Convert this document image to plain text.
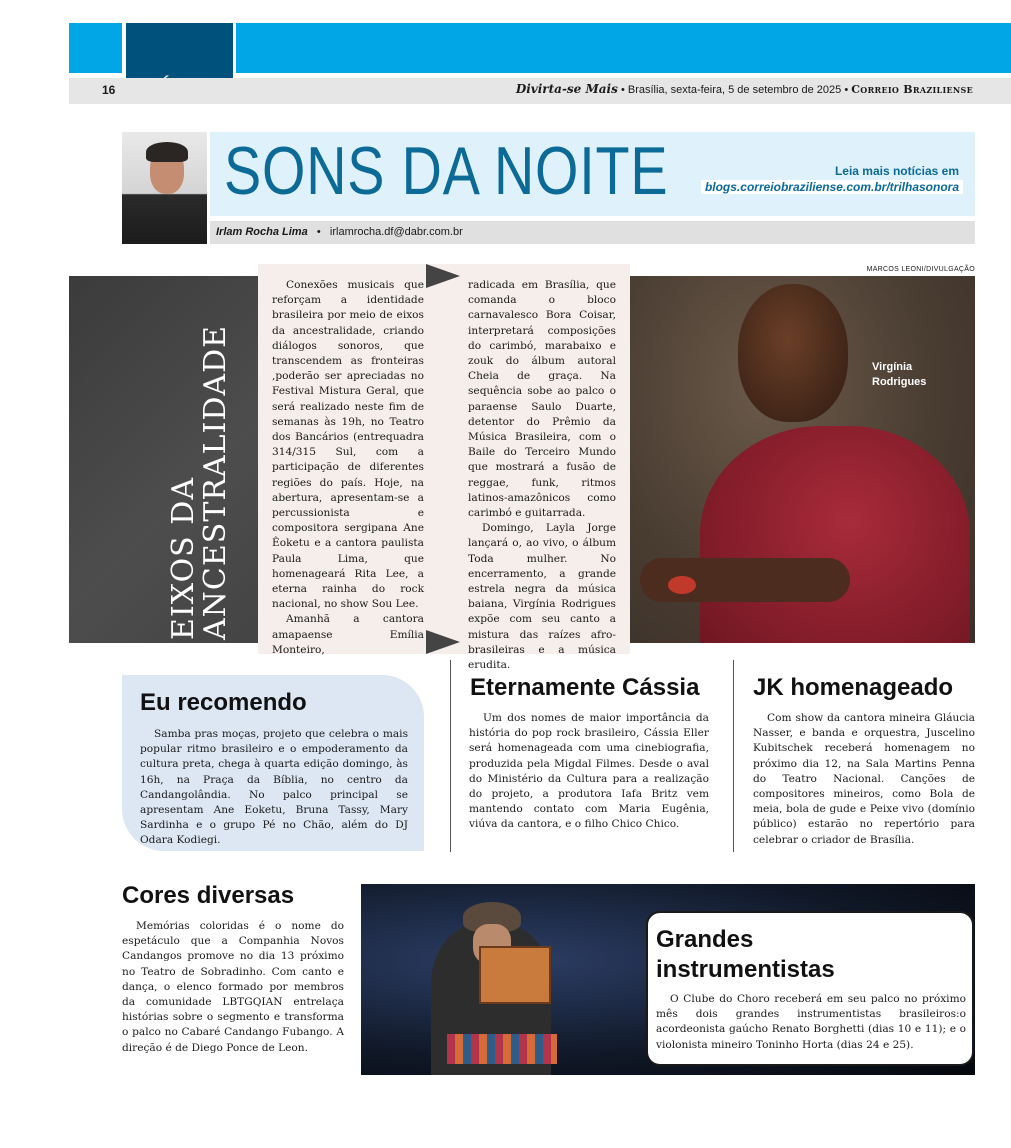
16	Divirta-se Mais • Brasília, sexta-feira, 5 de setembro de 2025 • Correio Braziliense
SONS DA NOITE	Leia mais notícias em
blogs.correiobraziliense.com.br/trilhasonora
Irlam Rocha Lima   •   irlamrocha.df@dabr.com.br
MARCOS LEONI/DIVULGAÇÃO
EIXOS DA
ANCESTRALIDADE

Conexões musicais que reforçam a identidade brasileira por meio de eixos da ancestralidade, criando diálogos sonoros, que transcendem as fronteiras ,poderão ser apreciadas no Festival Mistura Geral, que será realizado neste fim de semanas às 19h, no Teatro dos Bancários (entrequadra 314/315 Sul, com a participação de diferentes regiões do país. Hoje, na abertura, apresentam-se a percussionista e compositora sergipana Ane Êoketu e a cantora paulista Paula Lima, que homenageará Rita Lee, a eterna rainha do rock nacional, no show Sou Lee.

Amanhã a cantora amapaense Emília Monteiro,

radicada em Brasília, que comanda o bloco carnavalesco Bora Coisar, interpretará composições do carimbó, marabaixo e zouk do álbum autoral Cheia de graça. Na sequência sobe ao palco o paraense Saulo Duarte, detentor do Prêmio da Música Brasileira, com o Baile do Terceiro Mundo que mostrará a fusão de reggae, funk, ritmos latinos-amazônicos como carimbó e guitarrada.

Domingo, Layla Jorge lançará o, ao vivo, o álbum Toda mulher. No encerramento, a grande estrela negra da música baiana, Virgínia Rodrigues expõe com seu canto a mistura das raízes afro-brasileiras e a música erudita.

Virgínia
Rodrigues
Eu recomendo
Samba pras moças, projeto que celebra o mais popular ritmo brasileiro e o empoderamento da cultura preta, chega à quarta edição domingo, às 16h, na Praça da Bíblia, no centro da Candangolândia. No palco principal se apresentam Ane Eoketu, Bruna Tassy, Mary Sardinha e o grupo Pé no Chão, além do DJ Odara Kodiegi.
Eternamente Cássia
Um dos nomes de maior importância da história do pop rock brasileiro, Cássia Eller será homenageada com uma cinebiografia, produzida pela Migdal Filmes. Desde o aval do Ministério da Cultura para a realização do projeto, a produtora Iafa Britz vem mantendo contato com Maria Eugênia, viúva da cantora, e o filho Chico Chico.
JK homenageado
Com show da cantora mineira Gláucia Nasser, e banda e orquestra, Juscelino Kubitschek receberá homenagem no próximo dia 12, na Sala Martins Penna do Teatro Nacional. Canções de compositores mineiros, como Bola de meia, bola de gude e Peixe vivo (domínio público) estarão no repertório para celebrar o criador de Brasília.
Cores diversas
Memórias coloridas é o nome do espetáculo que a Companhia Novos Candangos promove no dia 13 próximo no Teatro de Sobradinho. Com canto e dança, o elenco formado por membros da comunidade LBTGQIAN entrelaça histórias sobre o segmento e transforma o palco no Cabaré Candango Fubango. A direção é de Diego Ponce de Leon.
Grandes
instrumentistas
O Clube do Choro receberá em seu palco no próximo mês dois grandes instrumentistas brasileiros:o acordeonista gaúcho Renato Borghetti (dias 10 e 11); e o violonista mineiro Toninho Horta (dias 24 e 25).
